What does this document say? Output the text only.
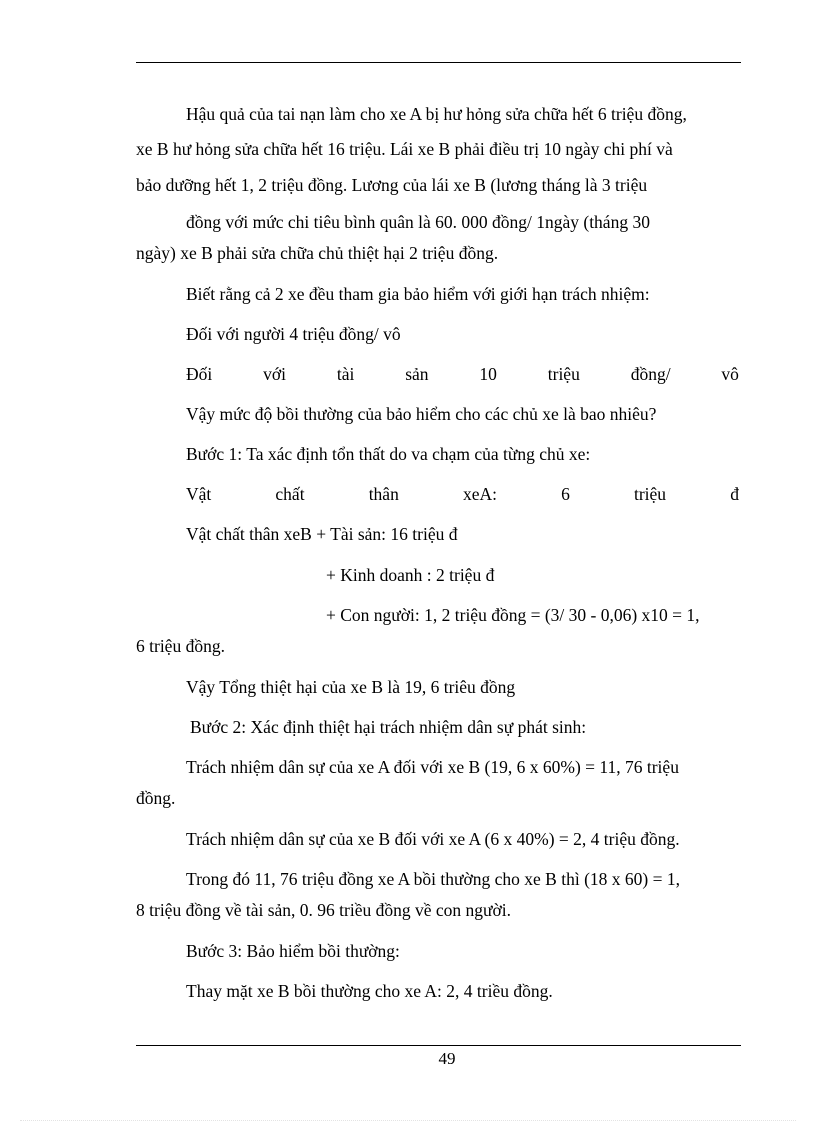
Hậu quả của tai nạn làm cho xe A bị hư hỏng sửa chữa hết 6 triệu đồng,
xe B hư hỏng sửa chữa hết 16 triệu. Lái xe B phải điều trị 10 ngày chi phí và
bảo dưỡng hết 1, 2 triệu đồng. Lương của lái xe B (lương tháng là 3 triệu
đồng với mức chi tiêu bình quân là 60. 000 đồng/ 1ngày (tháng 30
ngày) xe B phải sửa chữa chủ thiệt hại 2 triệu đồng.
Biết rằng cả 2 xe đều tham gia bảo hiểm với giới hạn trách nhiệm:
Đối với người 4 triệu đồng/ vô
Đối	với	tài	sản	10	triệu	đồng/	vô
Vậy mức độ bồi thường của bảo hiểm cho các chủ xe là bao nhiêu?
Bước 1: Ta xác định tổn thất do va chạm của từng chủ xe:
Vật	chất	thân	xeA:	6	triệu	đ
Vật chất thân xeB + Tài sản: 16 triệu đ
+ Kinh doanh : 2 triệu đ
+ Con người: 1, 2 triệu đồng = (3/ 30 - 0,06) x10 = 1,
6 triệu đồng.
Vậy Tổng thiệt hại của xe B là 19, 6 triêu đồng
Bước 2: Xác định thiệt hại trách nhiệm dân sự phát sinh:
Trách nhiệm dân sự của xe A đối với xe B (19, 6 x 60%) = 11, 76 triệu
đồng.
Trách nhiệm dân sự của xe B đối với xe A (6 x 40%) = 2, 4 triệu đồng.
Trong đó 11, 76 triệu đồng xe A bồi thường cho xe B thì (18 x 60) = 1,
8 triệu đồng về tài sản, 0. 96 triều đồng về con người.
Bước 3: Bảo hiểm bồi thường:
Thay mặt xe B bồi thường cho xe A: 2, 4 triều đồng.
49
